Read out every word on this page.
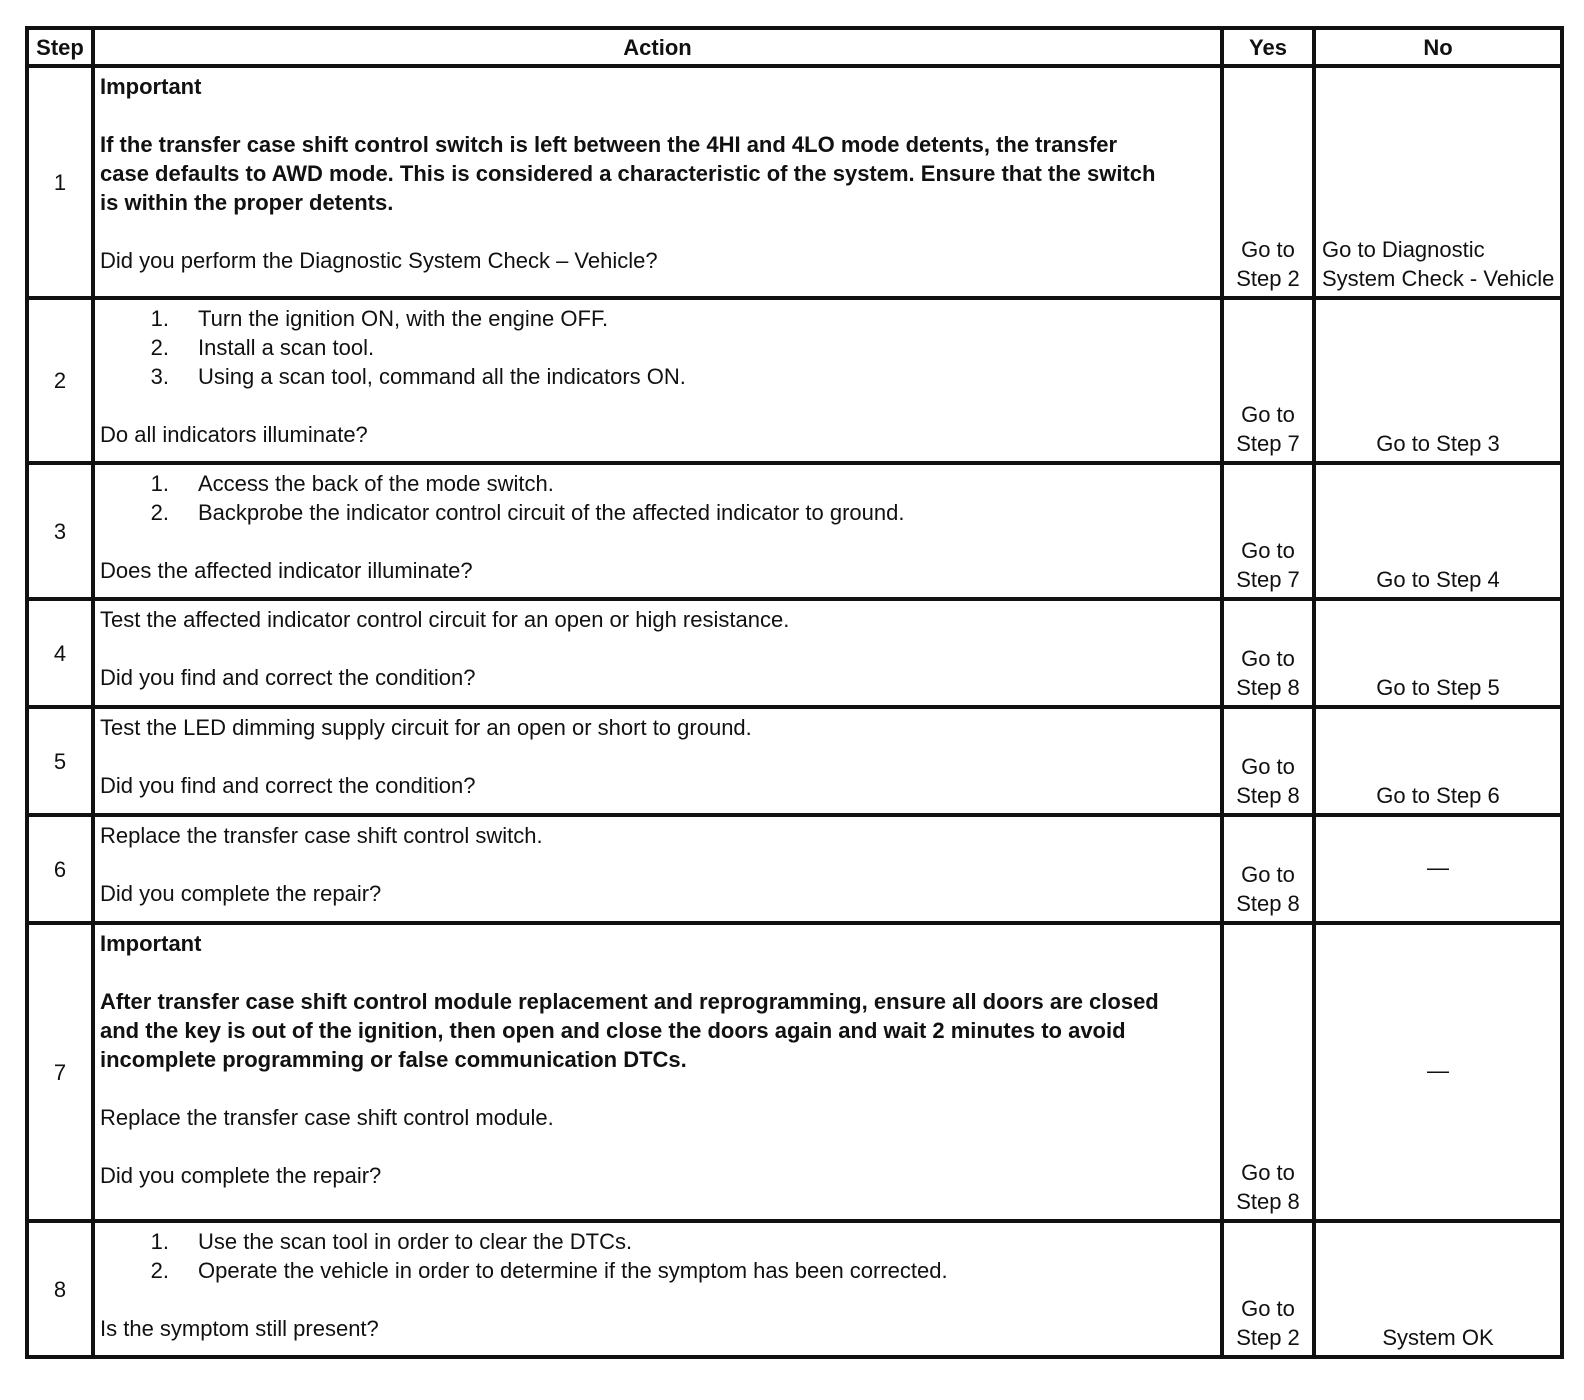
Step	Action	Yes	No
1	Important
If the transfer case shift control switch is left between the 4HI and 4LO mode detents, the transfer case defaults to AWD mode. This is considered a characteristic of the system. Ensure that the switch is within the proper detents.
Did you perform the Diagnostic System Check – Vehicle?	Go to Step 2	Go to Diagnostic System Check - Vehicle
2	1. Turn the ignition ON, with the engine OFF.
2. Install a scan tool.
3. Using a scan tool, command all the indicators ON.
Do all indicators illuminate?	Go to Step 7	Go to Step 3
3	1. Access the back of the mode switch.
2. Backprobe the indicator control circuit of the affected indicator to ground.
Does the affected indicator illuminate?	Go to Step 7	Go to Step 4
4	Test the affected indicator control circuit for an open or high resistance.
Did you find and correct the condition?	Go to Step 8	Go to Step 5
5	Test the LED dimming supply circuit for an open or short to ground.
Did you find and correct the condition?	Go to Step 8	Go to Step 6
6	Replace the transfer case shift control switch.
Did you complete the repair?	Go to Step 8	—
7	Important
After transfer case shift control module replacement and reprogramming, ensure all doors are closed and the key is out of the ignition, then open and close the doors again and wait 2 minutes to avoid incomplete programming or false communication DTCs.
Replace the transfer case shift control module.
Did you complete the repair?	Go to Step 8	—
8	1. Use the scan tool in order to clear the DTCs.
2. Operate the vehicle in order to determine if the symptom has been corrected.
Is the symptom still present?	Go to Step 2	System OK
